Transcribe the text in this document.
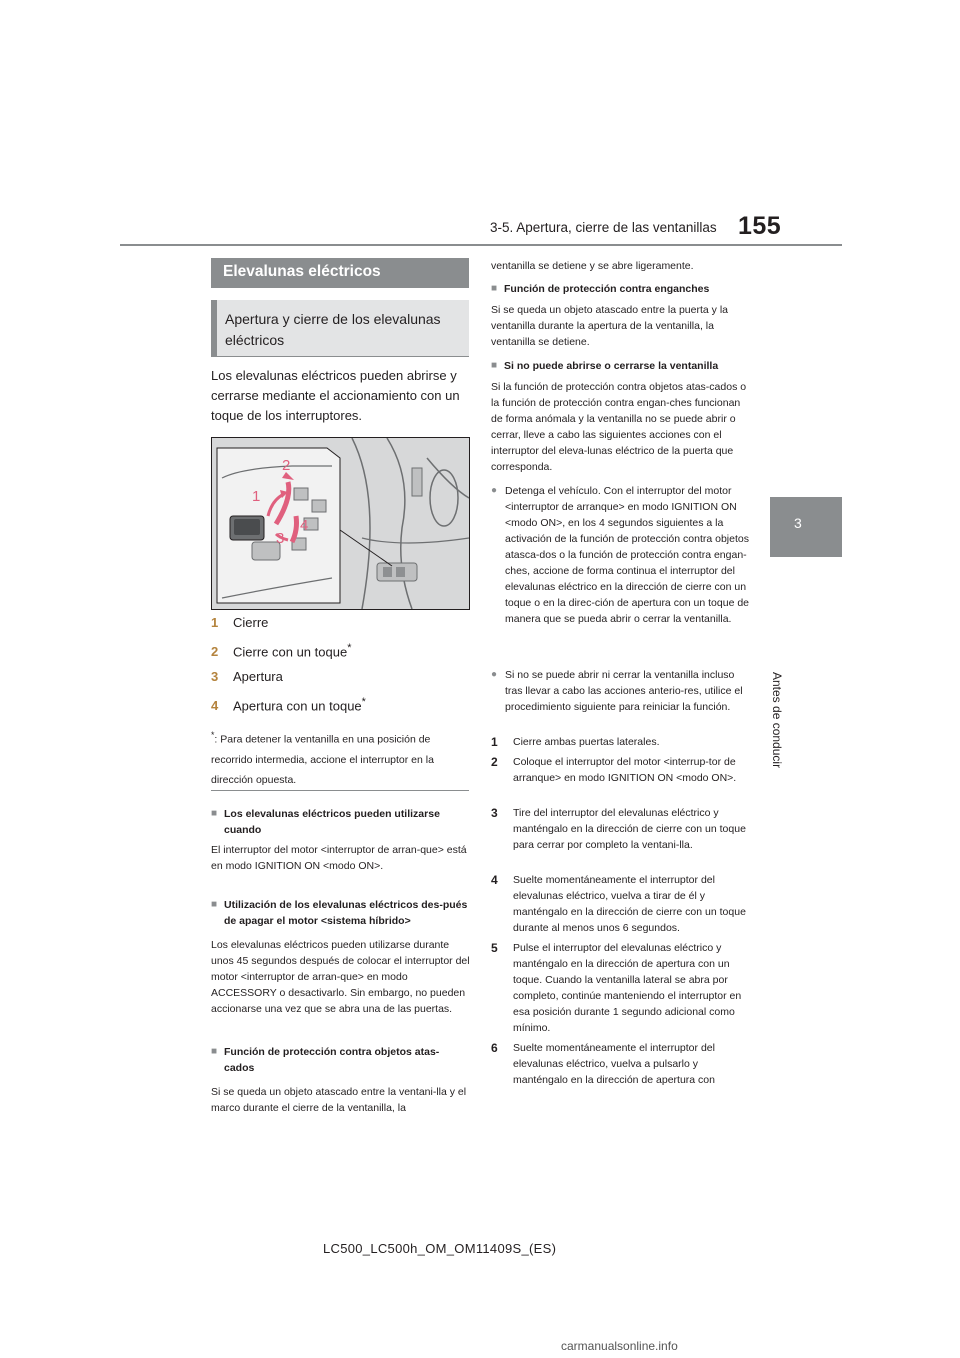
3-5. Apertura, cierre de las ventanillas 155
3
Antes de conducir
Elevalunas eléctricos
Apertura y cierre de los elevalunas eléctricos
Los elevalunas eléctricos pueden abrirse y cerrarse mediante el accionamiento con un toque de los interruptores.
1
2
3
4
1 Cierre
2 Cierre con un toque*
3 Apertura
4 Apertura con un toque*
*: Para detener la ventanilla en una posición de recorrido intermedia, accione el interruptor en la dirección opuesta.
■ Los elevalunas eléctricos pueden utilizarse cuando
El interruptor del motor <interruptor de arran-que> está en modo IGNITION ON <modo ON>.
■ Utilización de los elevalunas eléctricos des-pués de apagar el motor <sistema híbrido>
Los elevalunas eléctricos pueden utilizarse durante unos 45 segundos después de colocar el interruptor del motor <interruptor de arran-que> en modo ACCESSORY o desactivarlo. Sin embargo, no pueden accionarse una vez que se abra una de las puertas.
■ Función de protección contra objetos atas-cados
Si se queda un objeto atascado entre la ventani-lla y el marco durante el cierre de la ventanilla, la
ventanilla se detiene y se abre ligeramente.
■ Función de protección contra enganches
Si se queda un objeto atascado entre la puerta y la ventanilla durante la apertura de la ventanilla, la ventanilla se detiene.
■ Si no puede abrirse o cerrarse la ventanilla
Si la función de protección contra objetos atas-cados o la función de protección contra engan-ches funcionan de forma anómala y la ventanilla no se puede abrir o cerrar, lleve a cabo las siguientes acciones con el interruptor del eleva-lunas eléctrico de la puerta que corresponda.
● Detenga el vehículo. Con el interruptor del motor <interruptor de arranque> en modo IGNITION ON <modo ON>, en los 4 segundos siguientes a la activación de la función de protección contra objetos atasca-dos o la función de protección contra engan-ches, accione de forma continua el interruptor del elevalunas eléctrico en la dirección de cierre con un toque o en la direc-ción de apertura con un toque de manera que se pueda abrir o cerrar la ventanilla.
● Si no se puede abrir ni cerrar la ventanilla incluso tras llevar a cabo las acciones anterio-res, utilice el procedimiento siguiente para reiniciar la función.
1 Cierre ambas puertas laterales.
2 Coloque el interruptor del motor <interrup-tor de arranque> en modo IGNITION ON <modo ON>.
3 Tire del interruptor del elevalunas eléctrico y manténgalo en la dirección de cierre con un toque para cerrar por completo la ventani-lla.
4 Suelte momentáneamente el interruptor del elevalunas eléctrico, vuelva a tirar de él y manténgalo en la dirección de cierre con un toque durante al menos unos 6 segundos.
5 Pulse el interruptor del elevalunas eléctrico y manténgalo en la dirección de apertura con un toque. Cuando la ventanilla lateral se abra por completo, continúe manteniendo el interruptor en esa posición durante 1 segundo adicional como mínimo.
6 Suelte momentáneamente el interruptor del elevalunas eléctrico, vuelva a pulsarlo y manténgalo en la dirección de apertura con
LC500_LC500h_OM_OM11409S_(ES)
carmanualsonline.info
